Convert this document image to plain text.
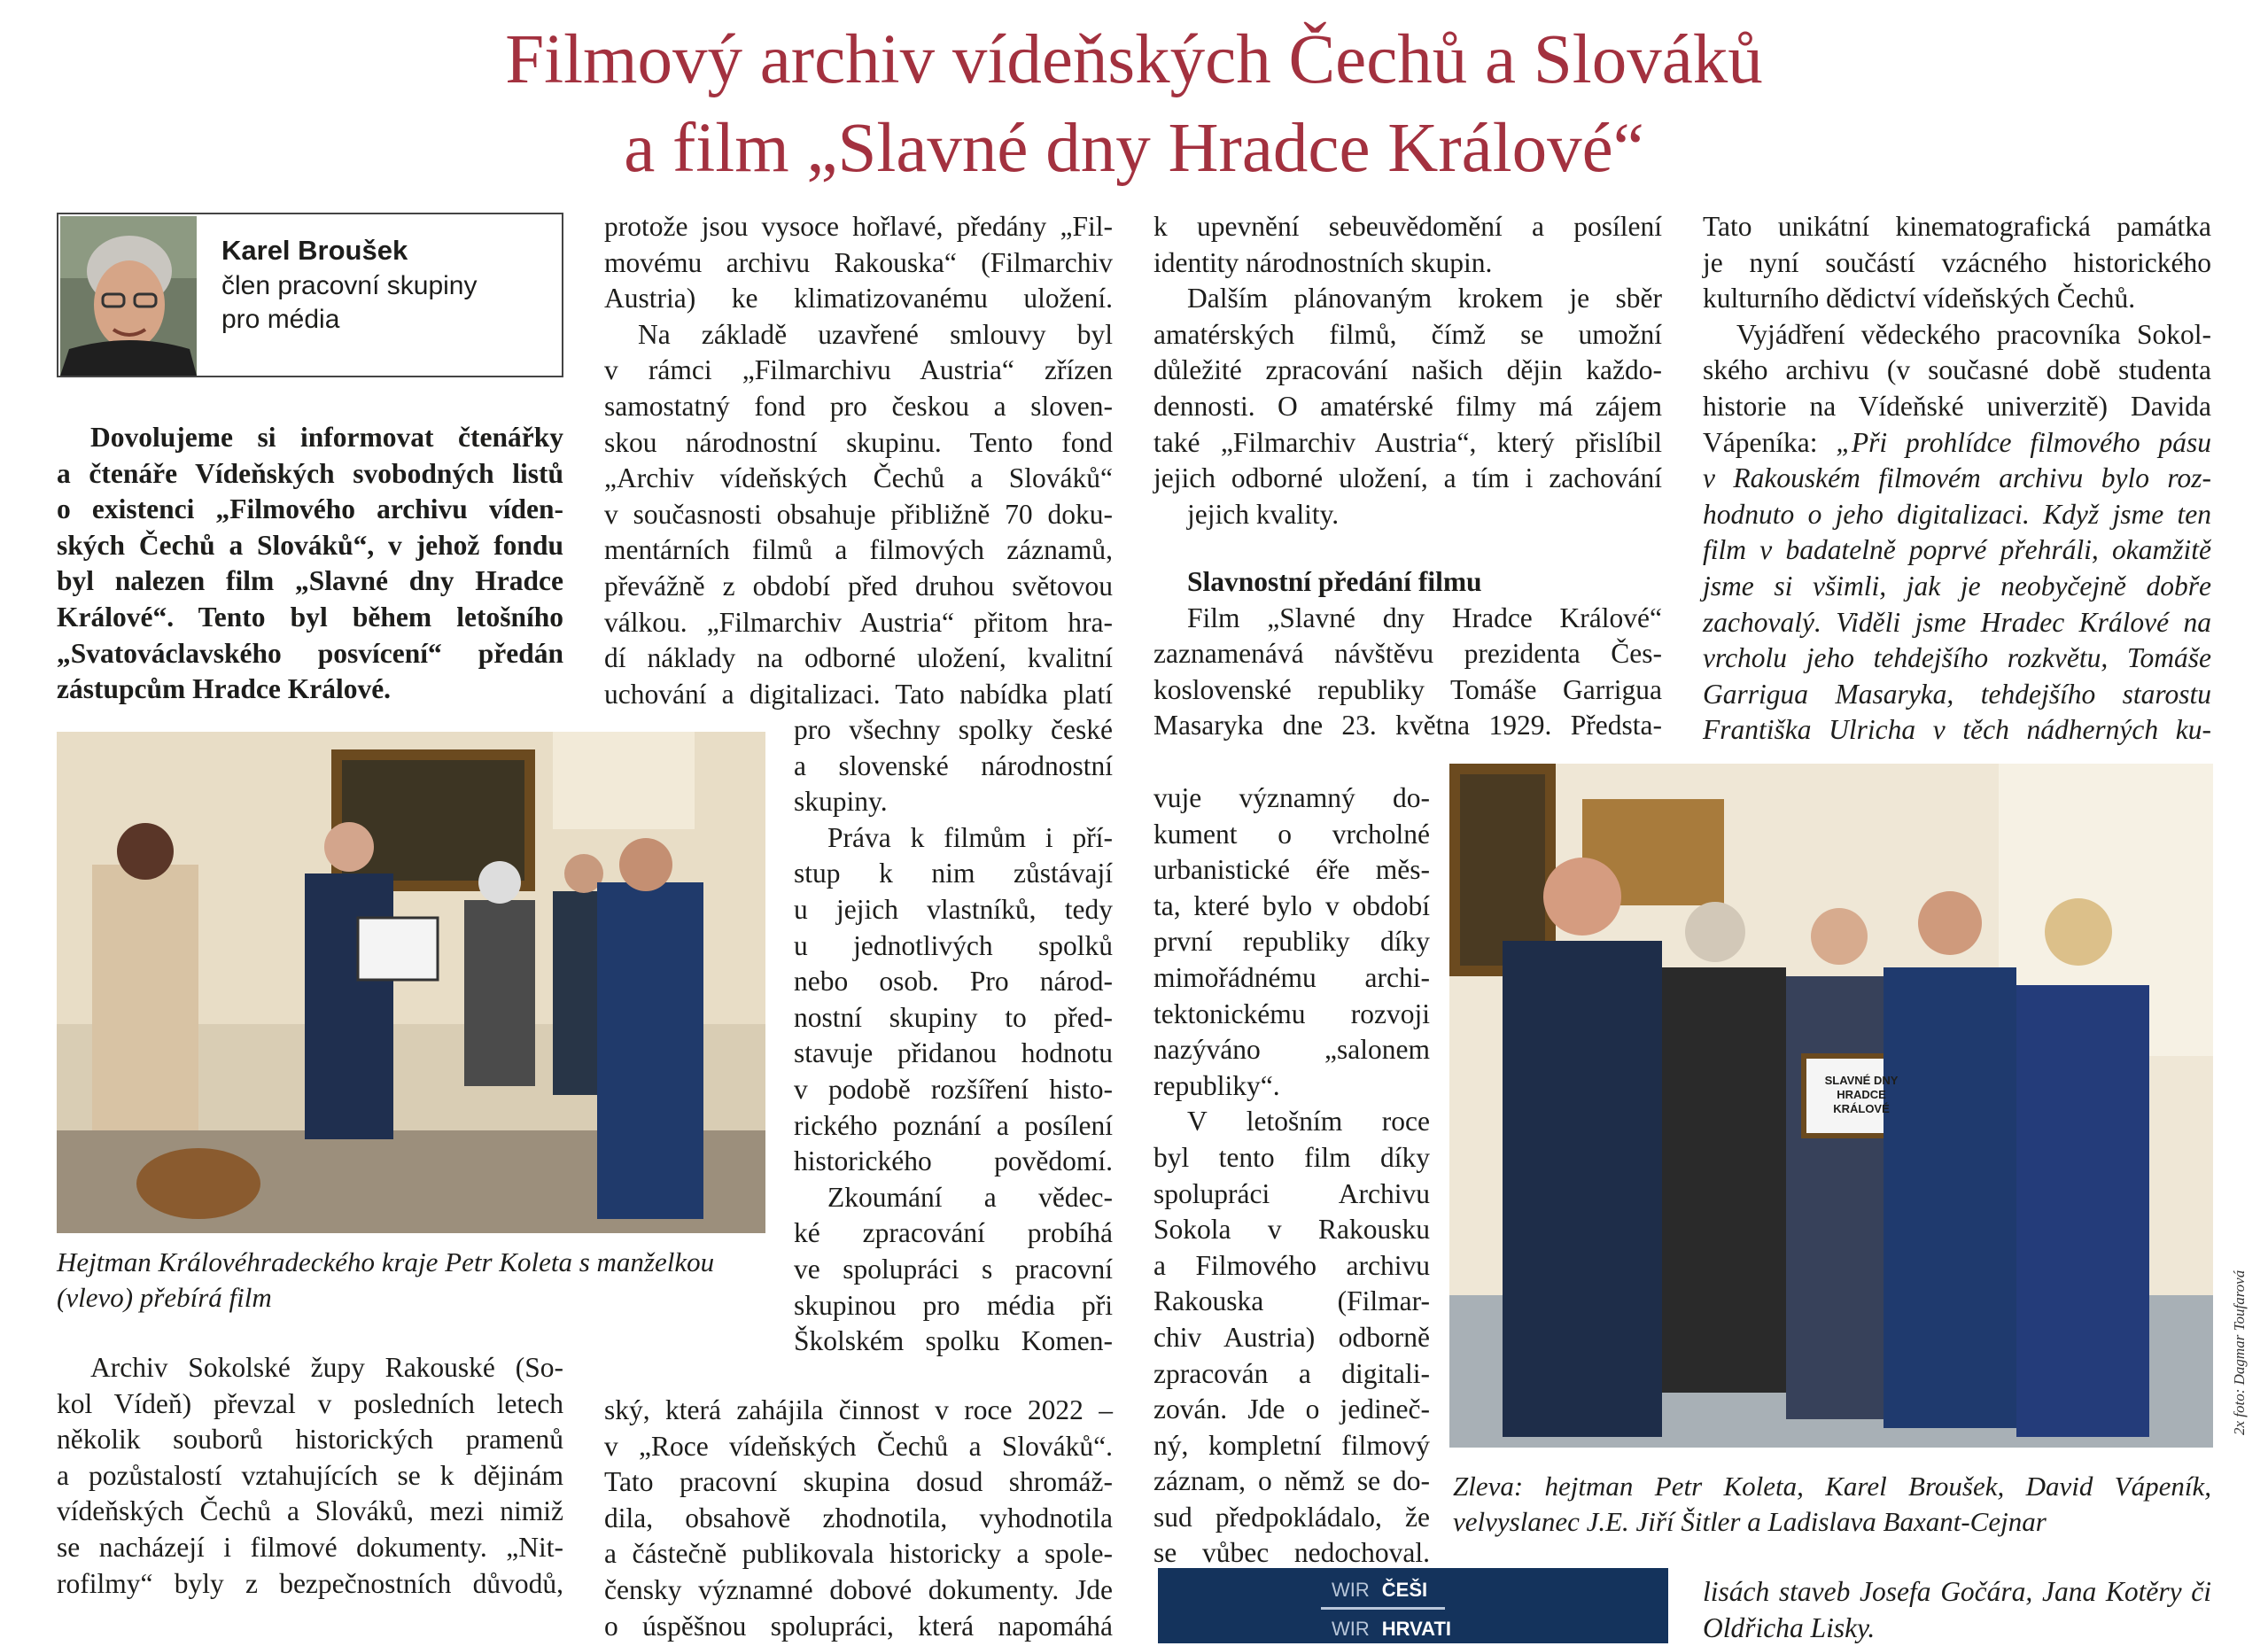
Filmový archiv vídeňských Čechů a Slováků
a film „Slavné dny Hradce Králové“
Karel Broušek
člen pracovní skupiny
pro média

Dovolujeme si informovat čtenářky
a čtenáře Vídeňských svobodných listů
o existenci „Filmového archivu víden-
ských Čechů a Slováků“, v jehož fondu
byl nalezen film „Slavné dny Hradce
Králové“. Tento byl během letošního
„Svatováclavského posvícení“ předán

zástupcům Hradce Králové.

Hejtman Královéhradeckého kraje Petr Koleta s manželkou
(vlevo) přebírá film

Archiv Sokolské župy Rakouské (So-
kol Vídeň) převzal v posledních letech
několik souborů historických pramenů
a pozůstalostí vztahujících se k dějinám
vídeňských Čechů a Slováků, mezi nimiž
se nacházejí i filmové dokumenty. „Nit-
rofilmy“ byly z bezpečnostních důvodů,

protože jsou vysoce hořlavé, předány „Fil-
movému archivu Rakouska“ (Filmarchiv
Austria) ke klimatizovanému uložení.

Na základě uzavřené smlouvy byl
v rámci „Filmarchivu Austria“ zřízen
samostatný fond pro českou a sloven-
skou národnostní skupinu. Tento fond
„Archiv vídeňských Čechů a Slováků“
v současnosti obsahuje přibližně 70 doku-
mentárních filmů a filmových záznamů,
převážně z období před druhou světovou
válkou. „Filmarchiv Austria“ přitom hra-
dí náklady na odborné uložení, kvalitní
uchování a digitalizaci. Tato nabídka platí

pro všechny spolky české
a slovenské národnostní
skupiny.

Práva k filmům i pří-
stup k nim zůstávají
u jejich vlastníků, tedy
u jednotlivých spolků
nebo osob. Pro národ-
nostní skupiny to před-
stavuje přidanou hodnotu
v podobě rozšíření histo-
rického poznání a posílení
historického povědomí.

Zkoumání a vědec-
ké zpracování probíhá
ve spolupráci s pracovní
skupinou pro média při
Školském spolku Komen-

ský, která zahájila činnost v roce 2022 –
v „Roce vídeňských Čechů a Slováků“.
Tato pracovní skupina dosud shromáž-
dila, obsahově zhodnotila, vyhodnotila
a částečně publikovala historicky a spole-
čensky významné dobové dokumenty. Jde
o úspěšnou spolupráci, která napomáhá

k upevnění sebeuvědomění a posílení
identity národnostních skupin.

Dalším plánovaným krokem je sběr
amatérských filmů, čímž se umožní
důležité zpracování našich dějin každo-
dennosti. O amatérské filmy má zájem
také „Filmarchiv Austria“, který přislíbil
jejich odborné uložení, a tím i zachování
jejich kvality.

Slavnostní předání filmu

Film „Slavné dny Hradce Králové“
zaznamenává návštěvu prezidenta Čes-
koslovenské republiky Tomáše Garrigua
Masaryka dne 23. května 1929. Předsta-

vuje významný do-
kument o vrcholné
urbanistické éře měs-
ta, které bylo v období
první republiky díky
mimořádnému archi-
tektonickému rozvoji
nazýváno „salonem
republiky“.

V letošním roce
byl tento film díky
spolupráci Archivu
Sokola v Rakousku
a Filmového archivu
Rakouska (Filmar-
chiv Austria) odborně
zpracován a digitali-
zován. Jde o jedineč-
ný, kompletní filmový
záznam, o němž se do-
sud předpokládalo, že
se vůbec nedochoval.

Tato unikátní kinematografická památka
je nyní součástí vzácného historického
kulturního dědictví vídeňských Čechů.

Vyjádření vědeckého pracovníka Sokol-
ského archivu (v současné době studenta
historie na Vídeňské univerzitě) Davida
Vápeníka: „Při prohlídce filmového pásu
v Rakouském filmovém archivu bylo roz-
hodnuto o jeho digitalizaci. Když jsme ten
film v badatelně poprvé přehráli, okamžitě
jsme si všimli, jak je neobyčejně dobře
zachovalý. Viděli jsme Hradec Králové na
vrcholu jeho tehdejšího rozkvětu, Tomáše
Garrigua Masaryka, tehdejšího starostu
Františka Ulricha v těch nádherných ku-

SLAVNÉ DNY HRADCE KRÁLOVÉ
2x foto: Dagmar Toufarová
Zleva: hejtman Petr Koleta, Karel Broušek, David Vápeník,
velvyslanec J.E. Jiří Šitler a Ladislava Baxant-Cejnar
WIR ČEŠI
WIR HRVATI

lisách staveb Josefa Gočára, Jana Kotěry či

Oldřicha Lisky.
